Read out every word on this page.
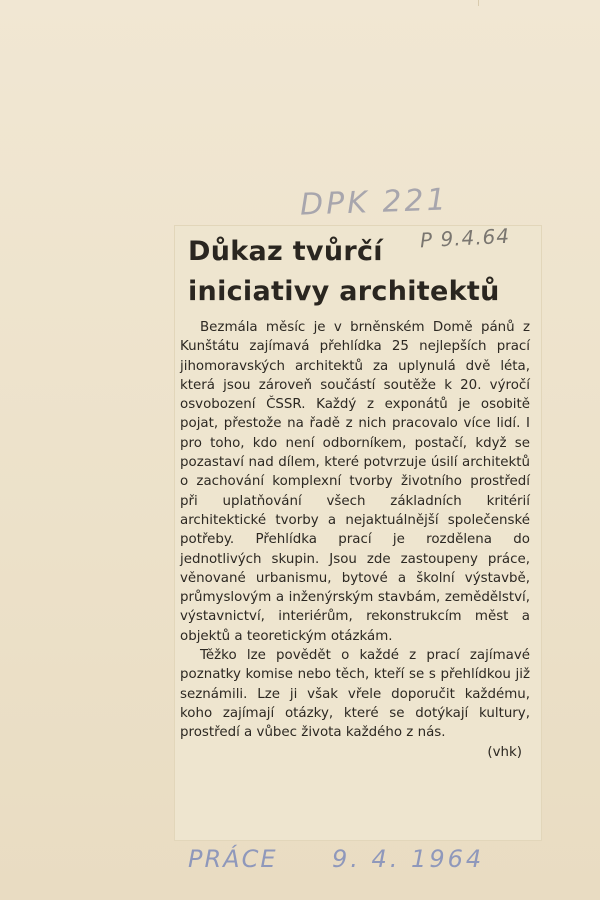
DPK 221
Důkaz tvůrčí iniciativy architektů
P 9.4.64

Bezmála měsíc je v brněnském Domě pánů z Kunštátu zajímavá přehlídka 25 nejlepších prací jihomoravských architektů za uplynulá dvě léta, která jsou zároveň součástí soutěže k 20. výročí osvobození ČSSR. Každý z exponátů je osobitě pojat, přestože na řadě z nich pracovalo více lidí. I pro toho, kdo není odborníkem, postačí, když se pozastaví nad dílem, které potvrzuje úsilí architektů o zachování komplexní tvorby životního prostředí při uplatňování všech základních kritérií architektické tvorby a nejaktuálnější společenské potřeby. Přehlídka prací je rozdělena do jednotlivých skupin. Jsou zde zastoupeny práce, věnované urbanismu, bytové a školní výstavbě, průmyslovým a inženýrským stavbám, zemědělství, výstavnictví, interiérům, rekonstrukcím měst a objektů a teoretickým otázkám.

Těžko lze povědět o každé z prací zajímavé poznatky komise nebo těch, kteří se s přehlídkou již seznámili. Lze ji však vřele doporučit každému, koho zajímají otázky, které se dotýkají kultury, prostředí a vůbec života každého z nás.

(vhk)
PRÁCE 9. 4. 1964
